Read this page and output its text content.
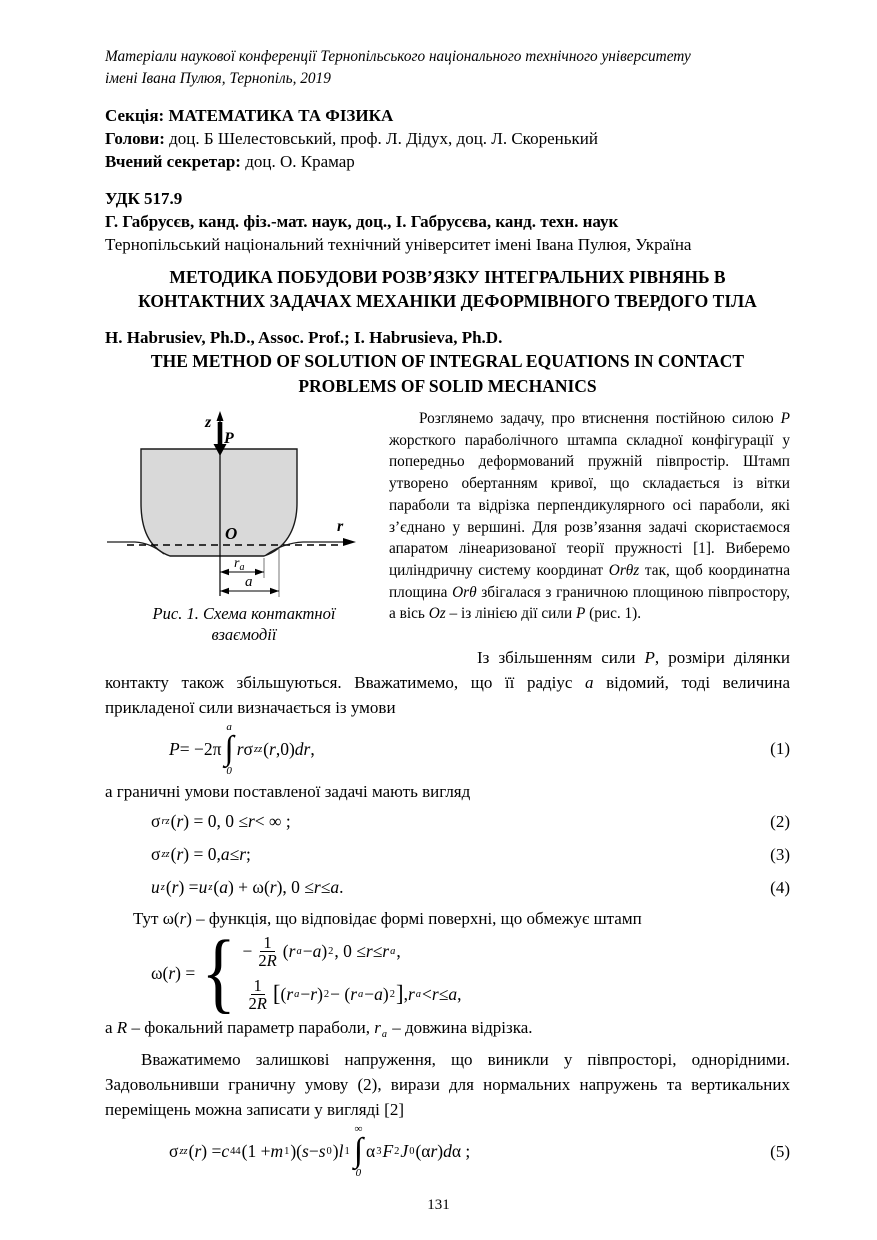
Матеріали наукової конференції Тернопільського національного технічного університету
імені Івана Пулюя, Тернопіль, 2019
Секція: МАТЕМАТИКА ТА ФІЗИКА
Голови: доц. Б Шелестовський, проф. Л. Дідух, доц. Л. Скоренький
Вчений секретар: доц. О. Крамар
УДК 517.9
Г. Габрусєв, канд. фіз.-мат. наук, доц., І. Габрусєва, канд. техн. наук
Тернопільський національний технічний університет імені Івана Пулюя, Україна
МЕТОДИКА ПОБУДОВИ РОЗВ’ЯЗКУ ІНТЕГРАЛЬНИХ РІВНЯНЬ В
КОНТАКТНИХ ЗАДАЧАХ МЕХАНІКИ ДЕФОРМІВНОГО ТВЕРДОГО ТІЛА
H. Habrusiev, Ph.D., Assoc. Prof.; I. Habrusieva, Ph.D.
THE METHOD OF SOLUTION OF INTEGRAL EQUATIONS IN CONTACT
PROBLEMS OF SOLID MECHANICS
z
P
O	r
$r_a$
a
Рис. 1. Схема контактної
взаємодії

Розглянемо задачу, про втиснення постійною силою P жорсткого параболічного штампа складної конфігурації у попередньо деформований пружній півпростір. Штамп утворено обертанням кривої, що складається із вітки параболи та відрізка перпендикулярного осі параболи, які з’єднано у вершині. Для розв’язання задачі скористаємося апаратом лінеаризованої теорії пружності [1]. Виберемо циліндричну систему координат Orθz так, щоб координатна площина Orθ збігалася з граничною площиною півпростору, а вісь Oz – із лінією дії сили P (рис. 1).

Із збільшенням сили P, розміри ділянки контакту також збільшуються. Вважатимемо, що її радіус a відомий, тоді величина прикладеної сили визначається із умови

P = −2π
a
∫
0
r σ zz ( r ,0) dr ,	(1)

а граничні умови поставленої задачі мають вигляд

σ rz ( r ) = 0, 0 ≤ r < ∞ ;	(2)
σ zz ( r ) = 0, a ≤ r ;	(3)
u z ( r ) = u z ( a ) + ω( r ), 0 ≤ r ≤ a .	(4)

Тут ω(r) – функція, що відповідає формі поверхні, що обмежує штамп

ω( r ) = { − $\frac{1}{2R}$ ( r a − a ) 2 , 0 ≤ r ≤ r a ,
1
2R [ ( r a − r ) 2 − ( r a − a ) 2 ] , r a < r ≤ a ,

а R – фокальний параметр параболи, $r_a$ – довжина відрізка.

Вважатимемо залишкові напруження, що виникли у півпросторі, однорідними. Задовольнивши граничну умову (2), вирази для нормальних напружень та вертикальних переміщень можна записати у вигляді [2]

σ zz ( r ) = c 44 (1 + m 1 )( s − s 0 ) l 1
∞
∫
0
α 3 F 2 J 0 (α r ) d α ;	(5)
131
